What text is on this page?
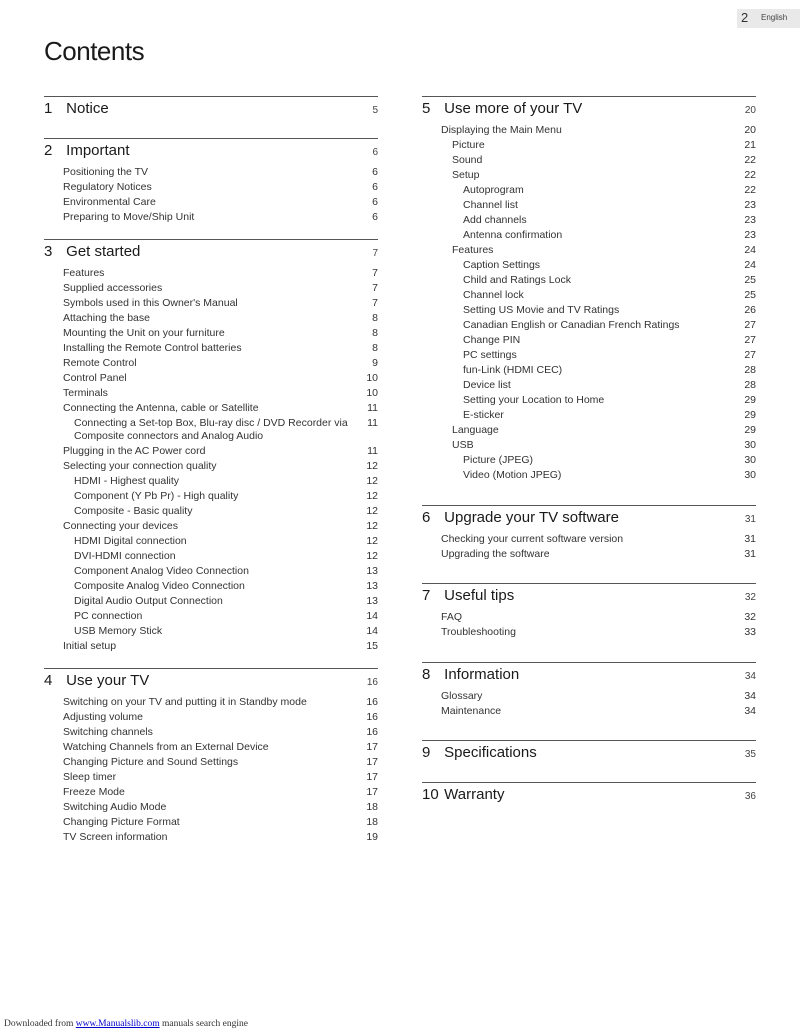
2 English
Contents
1 Notice	5
2 Important	6
Positioning the TV	6
Regulatory Notices	6
Environmental Care	6
Preparing to Move/Ship Unit	6
3 Get started	7
Features	7
Supplied accessories	7
Symbols used in this Owner's Manual	7
Attaching the base	8
Mounting the Unit on your furniture	8
Installing the Remote Control batteries	8
Remote Control	9
Control Panel	10
Terminals	10
Connecting the Antenna, cable or Satellite	11
Connecting a Set-top Box, Blu-ray disc / DVD Recorder via Composite connectors and Analog Audio
11
Plugging in the AC Power cord	11
Selecting your connection quality	12
HDMI - Highest quality	12
Component (Y Pb Pr) - High quality	12
Composite - Basic quality	12
Connecting your devices	12
HDMI Digital connection	12
DVI-HDMI connection	12
Component Analog Video Connection	13
Composite Analog Video Connection	13
Digital Audio Output Connection	13
PC connection	14
USB Memory Stick	14
Initial setup	15
4 Use your TV	16
Switching on your TV and putting it in Standby mode	16
Adjusting volume	16
Switching channels	16
Watching Channels from an External Device	17
Changing Picture and Sound Settings	17
Sleep timer	17
Freeze Mode	17
Switching Audio Mode	18
Changing Picture Format	18
TV Screen information	19
5 Use more of your TV	20
Displaying the Main Menu	20
Picture	21
Sound	22
Setup	22
Autoprogram	22
Channel list	23
Add channels	23
Antenna confirmation	23
Features	24
Caption Settings	24
Child and Ratings Lock	25
Channel lock	25
Setting US Movie and TV Ratings	26
Canadian English or Canadian French Ratings	27
Change PIN	27
PC settings	27
fun-Link (HDMI CEC)	28
Device list	28
Setting your Location to Home	29
E-sticker	29
Language	29
USB	30
Picture (JPEG)	30
Video (Motion JPEG)	30
6 Upgrade your TV software	31
Checking your current software version	31
Upgrading the software	31
7 Useful tips	32
FAQ	32
Troubleshooting	33
8 Information	34
Glossary	34
Maintenance	34
9 Specifications	35
10 Warranty	36
Downloaded from www.Manualslib.com manuals search engine
